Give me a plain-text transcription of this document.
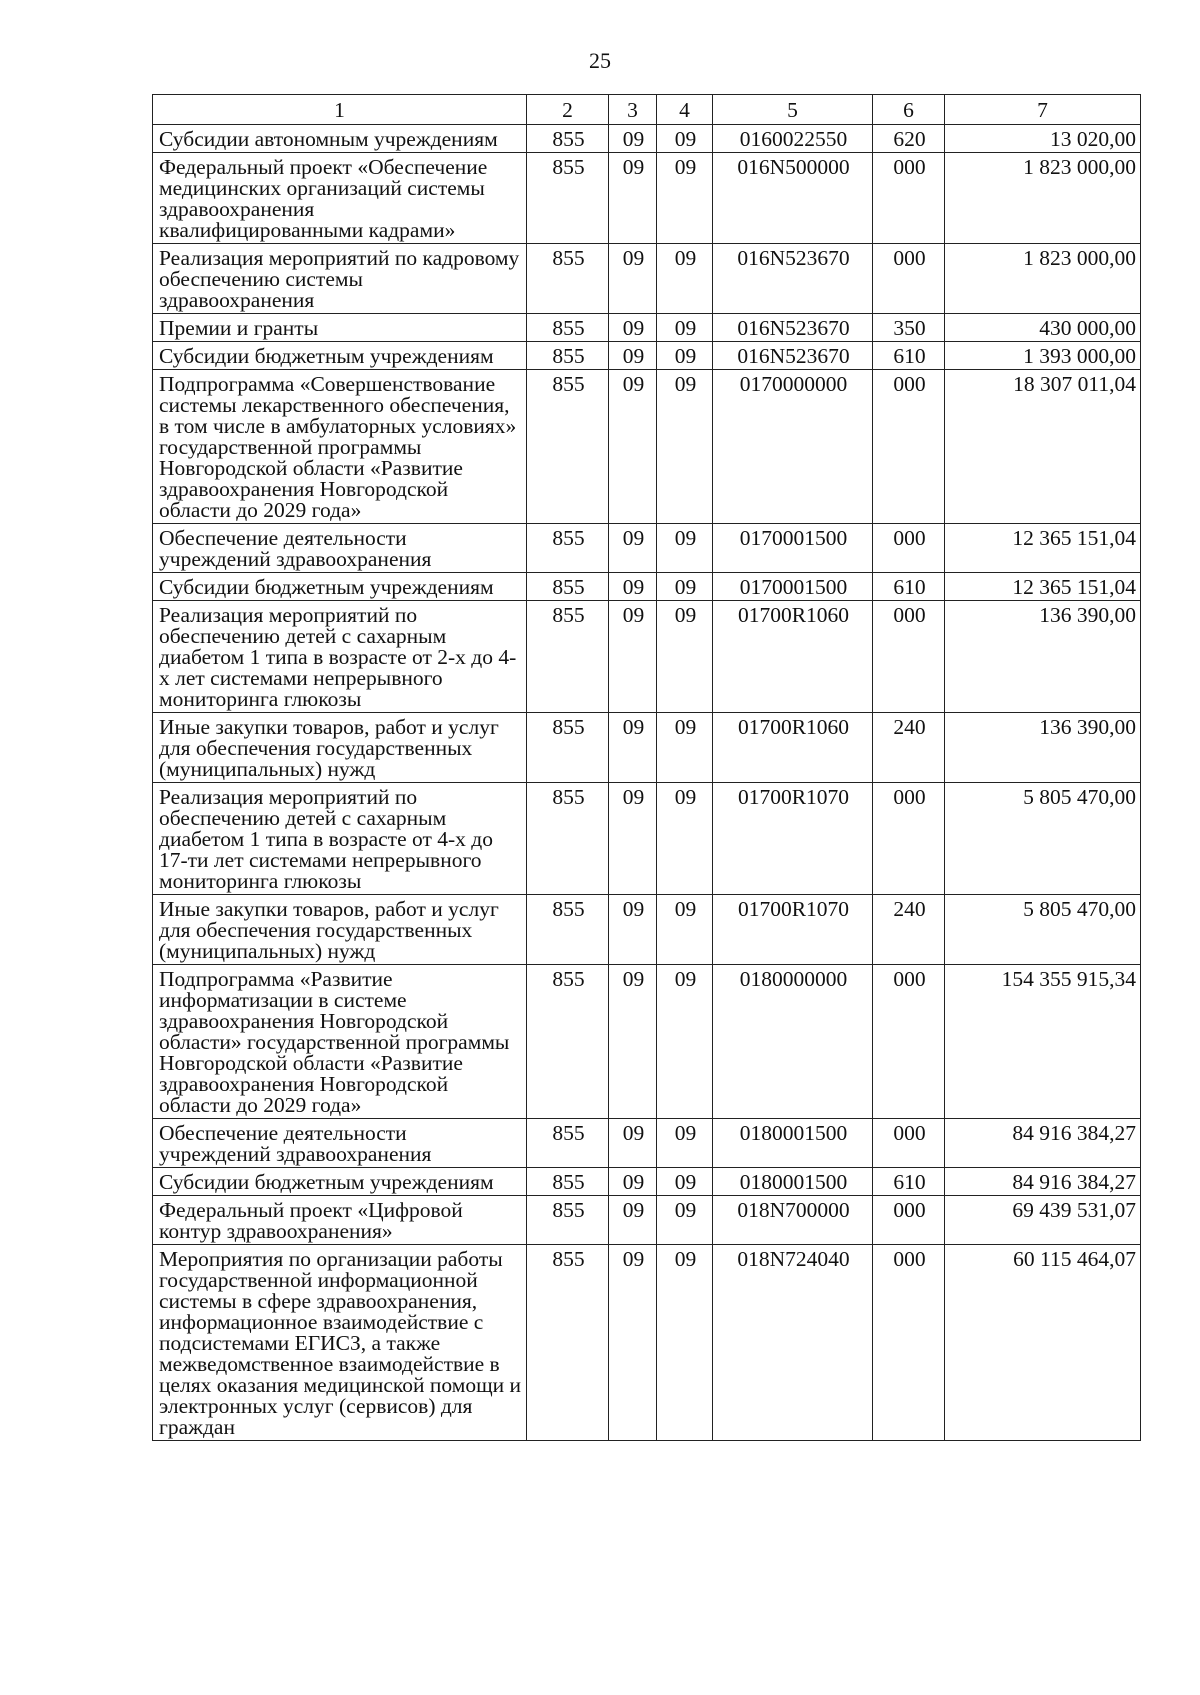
25
1	2	3	4	5	6	7
Субсидии автономным учреждениям	855	09	09	0160022550	620	13 020,00
Федеральный проект «Обеспечение медицинских организаций системы здравоохранения квалифицированными кадрами»	855	09	09	016N500000	000	1 823 000,00
Реализация мероприятий по кадровому обеспечению системы здравоохранения	855	09	09	016N523670	000	1 823 000,00
Премии и гранты	855	09	09	016N523670	350	430 000,00
Субсидии бюджетным учреждениям	855	09	09	016N523670	610	1 393 000,00
Подпрограмма «Совершенствование системы лекарственного обеспечения, в том числе в амбулаторных условиях» государственной программы Новгородской области «Развитие здравоохранения Новгородской области до 2029 года»	855	09	09	0170000000	000	18 307 011,04
Обеспечение деятельности учреждений здравоохранения	855	09	09	0170001500	000	12 365 151,04
Субсидии бюджетным учреждениям	855	09	09	0170001500	610	12 365 151,04
Реализация мероприятий по обеспечению детей с сахарным диабетом 1 типа в возрасте от 2-х до 4-х лет системами непрерывного мониторинга глюкозы	855	09	09	01700R1060	000	136 390,00
Иные закупки товаров, работ и услуг для обеспечения государственных (муниципальных) нужд	855	09	09	01700R1060	240	136 390,00
Реализация мероприятий по обеспечению детей с сахарным диабетом 1 типа в возрасте от 4-х до 17-ти лет системами непрерывного мониторинга глюкозы	855	09	09	01700R1070	000	5 805 470,00
Иные закупки товаров, работ и услуг для обеспечения государственных (муниципальных) нужд	855	09	09	01700R1070	240	5 805 470,00
Подпрограмма «Развитие информатизации в системе здравоохранения Новгородской области» государственной программы Новгородской области «Развитие здравоохранения Новгородской области до 2029 года»	855	09	09	0180000000	000	154 355 915,34
Обеспечение деятельности учреждений здравоохранения	855	09	09	0180001500	000	84 916 384,27
Субсидии бюджетным учреждениям	855	09	09	0180001500	610	84 916 384,27
Федеральный проект «Цифровой контур здравоохранения»	855	09	09	018N700000	000	69 439 531,07
Мероприятия по организации работы государственной информационной системы в сфере здравоохранения, информационное взаимодействие с подсистемами ЕГИСЗ, а также межведомственное взаимодействие в целях оказания медицинской помощи и электронных услуг (сервисов) для граждан	855	09	09	018N724040	000	60 115 464,07
